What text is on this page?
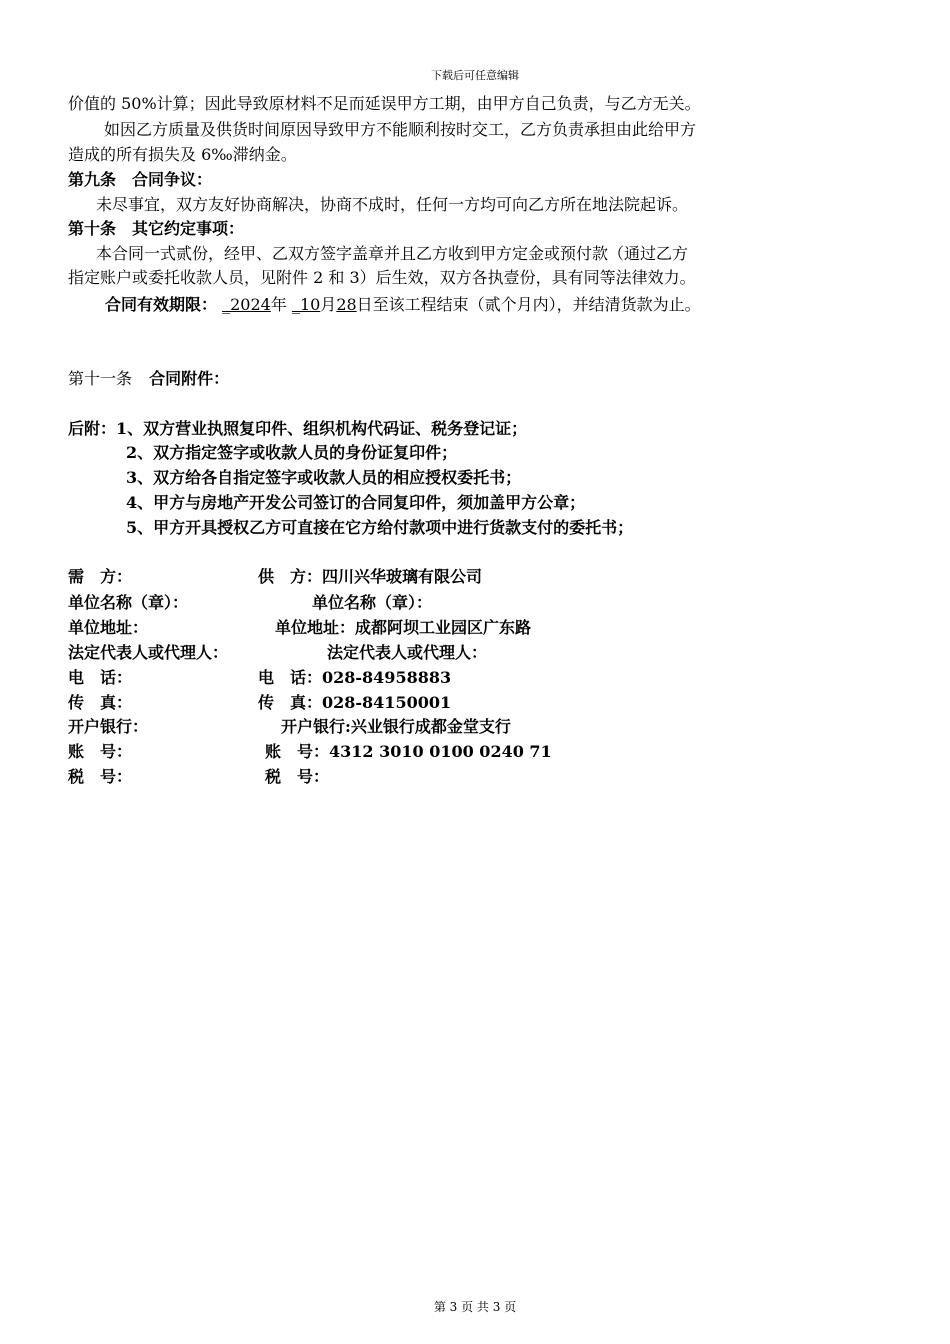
下载后可任意编辑
价值的 50%计算；因此导致原材料不足而延误甲方工期，由甲方自己负责，与乙方无关。
如因乙方质量及供货时间原因导致甲方不能顺利按时交工，乙方负责承担由此给甲方
造成的所有损失及 6‰滞纳金。
第九条　合同争议：
未尽事宜，双方友好协商解决，协商不成时，任何一方均可向乙方所在地法院起诉。
第十条　其它约定事项：
本合同一式贰份，经甲、乙双方签字盖章并且乙方收到甲方定金或预付款（通过乙方
指定账户或委托收款人员，见附件 2 和 3）后生效，双方各执壹份，具有同等法律效力。
合同有效期限： _2024年 _10月28日至该工程结束（贰个月内），并结清货款为止。
第十一条 合同附件：
后附：1、双方营业执照复印件、组织机构代码证、税务登记证；
2、双方指定签字或收款人员的身份证复印件；
3、双方给各自指定签字或收款人员的相应授权委托书；
4、甲方与房地产开发公司签订的合同复印件，须加盖甲方公章；
5、甲方开具授权乙方可直接在它方给付款项中进行货款支付的委托书；
需　方：	供　方：四川兴华玻璃有限公司
单位名称（章）：	单位名称（章）：
单位地址：	单位地址：成都阿坝工业园区广东路
法定代表人或代理人：	法定代表人或代理人：
电　话：	电　话：028-84958883
传　真：	传　真：028-84150001
开户银行：	开户银行:兴业银行成都金堂支行
账　号：	账　号：4312 3010 0100 0240 71
税　号：	税　号：
第 3 页 共 3 页
